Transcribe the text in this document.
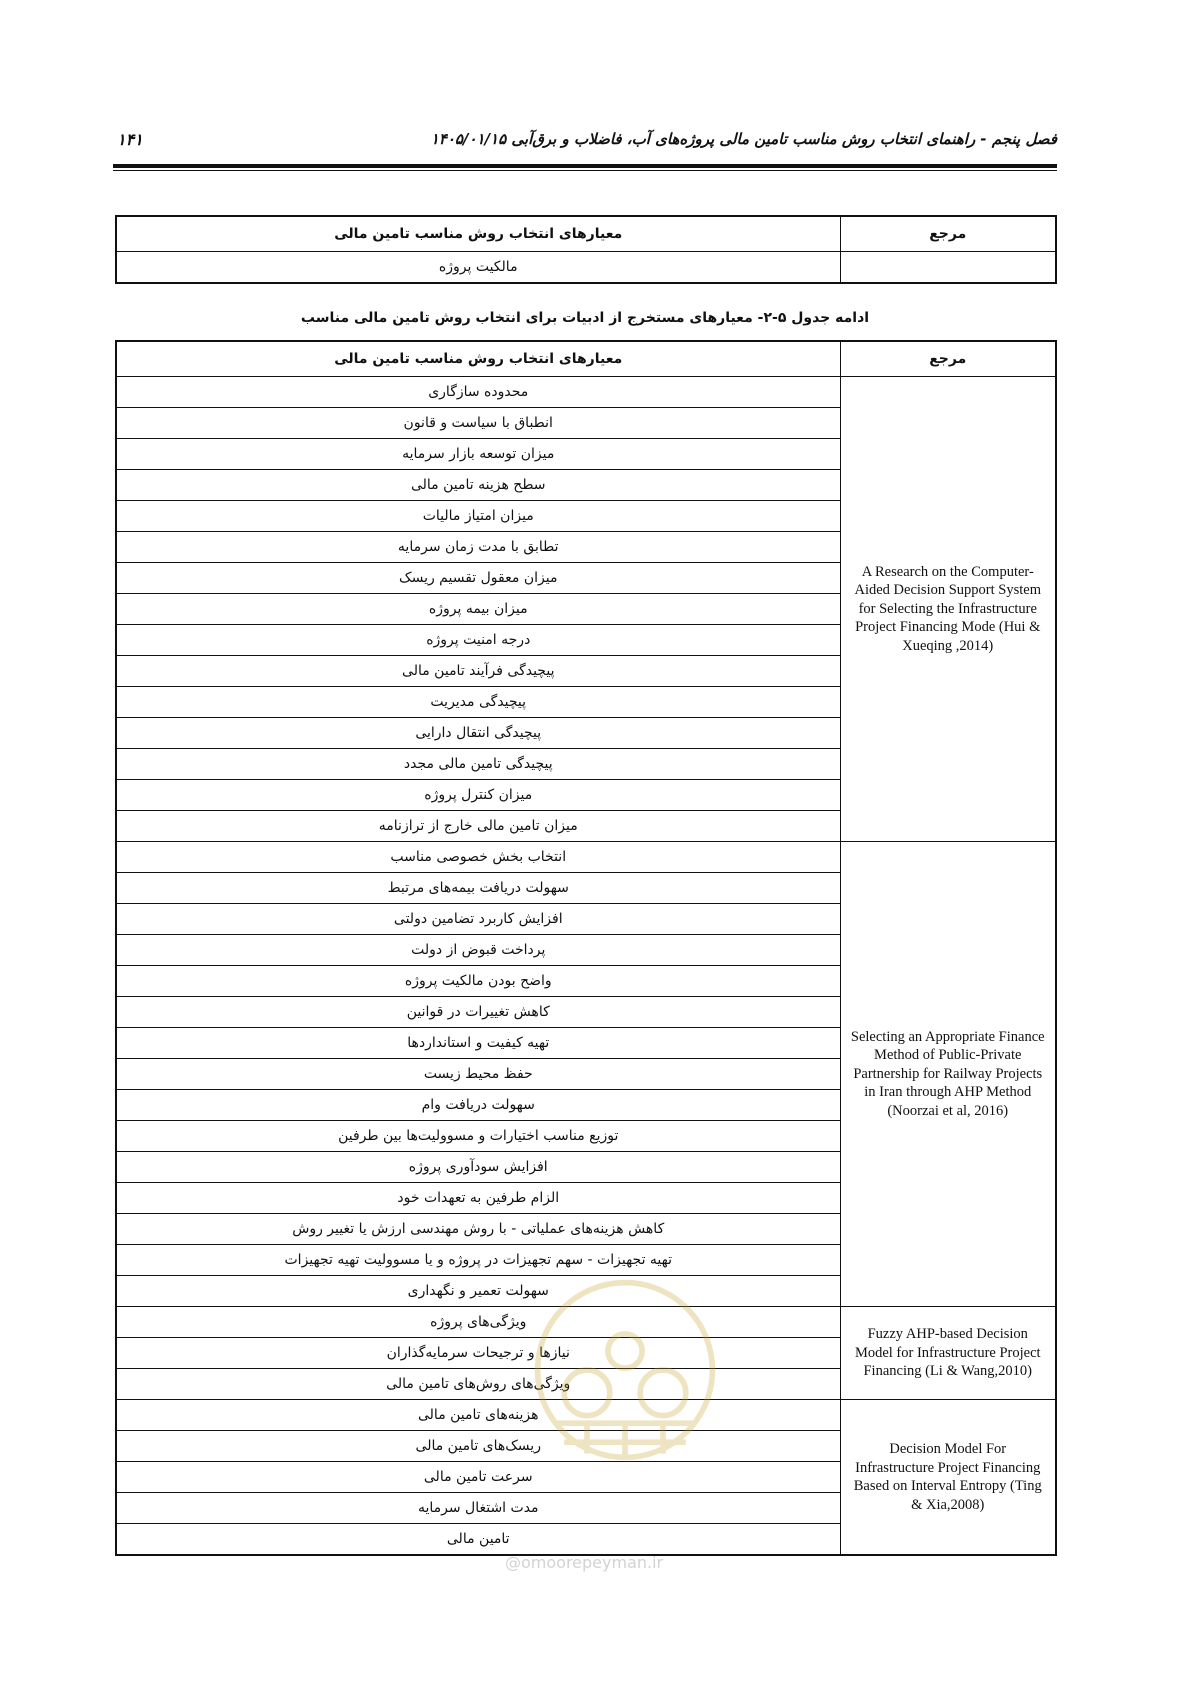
فصل پنجم - راهنمای انتخاب روش مناسب تامین مالی پروژه‌های آب، فاضلاب و برق‌آبی ۱۴۰۵/۰۱/۱۵
۱۴۱
مرجع	معیارهای انتخاب روش مناسب تامین مالی
	مالکیت پروژه
ادامه جدول ۵-۲- معیارهای مستخرج از ادبیات برای انتخاب روش تامین مالی مناسب
مرجع	معیارهای انتخاب روش مناسب تامین مالی
A Research on the Computer-Aided Decision Support System for Selecting the Infrastructure Project Financing Mode (Hui & Xueqing ,2014)	محدوده سازگاری
	انطباق با سیاست و قانون
	میزان توسعه بازار سرمایه
	سطح هزینه تامین مالی
	میزان امتیاز مالیات
	تطابق با مدت زمان سرمایه
	میزان معقول تقسیم ریسک
	میزان بیمه پروژه
	درجه امنیت پروژه
	پیچیدگی فرآیند تامین مالی
	پیچیدگی مدیریت
	پیچیدگی انتقال دارایی
	پیچیدگی تامین مالی مجدد
	میزان کنترل پروژه
	میزان تامین مالی خارج از ترازنامه
Selecting an Appropriate Finance Method of Public-Private Partnership for Railway Projects in Iran through AHP Method (Noorzai et al, 2016)	انتخاب بخش خصوصی مناسب
	سهولت دریافت بیمه‌های مرتبط
	افزایش کاربرد تضامین دولتی
	پرداخت قبوض از دولت
	واضح بودن مالکیت پروژه
	کاهش تغییرات در قوانین
	تهیه کیفیت و استانداردها
	حفظ محیط زیست
	سهولت دریافت وام
	توزیع مناسب اختیارات و مسوولیت‌ها بین طرفین
	افزایش سودآوری پروژه
	الزام طرفین به تعهدات خود
	کاهش هزینه‌های عملیاتی - با روش مهندسی ارزش یا تغییر روش
	تهیه تجهیزات - سهم تجهیزات در پروژه و یا مسوولیت تهیه تجهیزات
	سهولت تعمیر و نگهداری
Fuzzy AHP-based Decision Model for Infrastructure Project Financing (Li & Wang,2010)	ویژگی‌های پروژه
	نیازها و ترجیحات سرمایه‌گذاران
	ویژگی‌های روش‌های تامین مالی
Decision Model For Infrastructure Project Financing Based on Interval Entropy (Ting & Xia,2008)	هزینه‌های تامین مالی
	ریسک‌های تامین مالی
	سرعت تامین مالی
	مدت اشتغال سرمایه
	تامین مالی
@omoorepeyman.ir
